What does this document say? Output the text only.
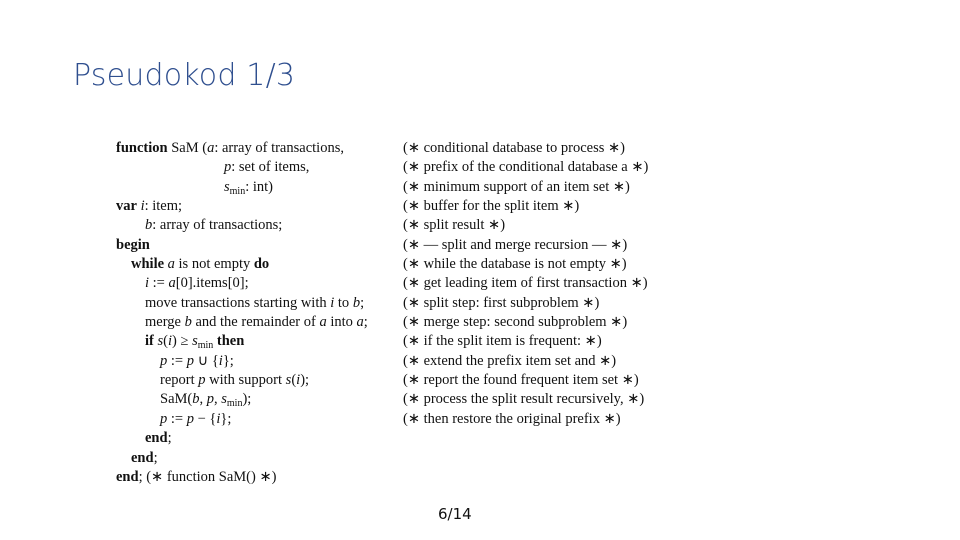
Pseudokod 1/3
function SaM (a: array of transactions,	(∗ conditional database to process ∗)
p: set of items,	(∗ prefix of the conditional database a ∗)
$s_{min}$: int)	(∗ minimum support of an item set ∗)
var i: item;	(∗ buffer for the split item ∗)
b: array of transactions;	(∗ split result ∗)
begin	(∗ — split and merge recursion — ∗)
while a is not empty do	(∗ while the database is not empty ∗)
i := a[0].items[0];	(∗ get leading item of first transaction ∗)
move transactions starting with i to b;	(∗ split step: first subproblem ∗)
merge b and the remainder of a into a; (∗ merge step: second subproblem ∗)
if $s(i) \ge s_{min}$ then	(∗ if the split item is frequent: ∗)
p := p ∪ {i};	(∗ extend the prefix item set and ∗)
report p with support s(i);	(∗ report the found frequent item set ∗)
SaM(b, p, $s_{min}$);	(∗ process the split result recursively, ∗)
p := p − {i};	(∗ then restore the original prefix ∗)
end;
end;
end; (∗ function SaM() ∗)
6/14
